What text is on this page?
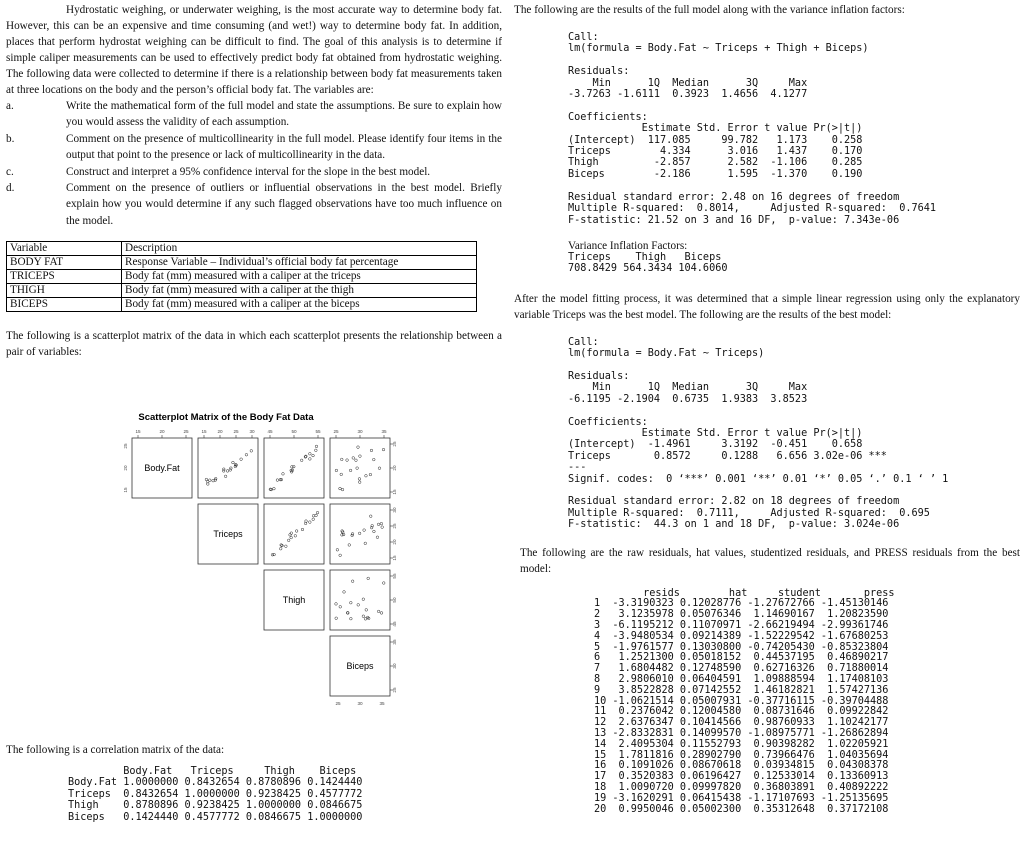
Hydrostatic weighing, or underwater weighing, is the most accurate way to determine body fat. However, this can be an expensive and time consuming (and wet!) way to determine body fat. In addition, places that perform hydrostat weighing can be difficult to find. The goal of this analysis is to determine if simple caliper measurements can be used to effectively predict body fat obtained from hydrostatic weighing. The following data were collected to determine if there is a relationship between body fat measurements taken at three locations on the body and the person’s official body fat. The variables are:
a.	Write the mathematical form of the full model and state the assumptions. Be sure to explain how you would assess the validity of each assumption.
b.	Comment on the presence of multicollinearity in the full model. Please identify four items in the output that point to the presence or lack of multicollinearity in the data.
c.	Construct and interpret a 95% confidence interval for the slope in the best model.
d.	Comment on the presence of outliers or influential observations in the best model. Briefly explain how you would determine if any such flagged observations have too much influence on the model.
Variable	Description
BODY FAT	Response Variable – Individual’s official body fat percentage
TRICEPS	Body fat (mm) measured with a caliper at the triceps
THIGH	Body fat (mm) measured with a caliper at the thigh
BICEPS	Body fat (mm) measured with a caliper at the biceps
The following is a scatterplot matrix of the data in which each scatterplot presents the relationship between a pair of variables:
Scatterplot Matrix of the Body Fat Data
15	20	25	15 20 25 30	45	50	55	25	30	35
25	30	35
15
20
25
15
20
25
15
20
25
30
45
50
55
25
30
35
Body.Fat
Triceps
Thigh
Biceps
The following is a correlation matrix of the data:
Body.Fat   Triceps     Thigh    Biceps
Body.Fat 1.0000000 0.8432654 0.8780896 0.1424440
Triceps  0.8432654 1.0000000 0.9238425 0.4577772
Thigh    0.8780896 0.9238425 1.0000000 0.0846675
Biceps   0.1424440 0.4577772 0.0846675 1.0000000
The following are the results of the full model along with the variance inflation factors:
Call:
lm(formula = Body.Fat ~ Triceps + Thigh + Biceps)

Residuals:
Min      1Q  Median      3Q     Max
-3.7263 -1.6111  0.3923  1.4656  4.1277

Coefficients:
Estimate Std. Error t value Pr(>|t|)
(Intercept)  117.085     99.782   1.173    0.258
Triceps        4.334      3.016   1.437    0.170
Thigh         -2.857      2.582  -1.106    0.285
Biceps        -2.186      1.595  -1.370    0.190

Residual standard error: 2.48 on 16 degrees of freedom
Multiple R-squared:  0.8014,     Adjusted R-squared:  0.7641
F-statistic: 21.52 on 3 and 16 DF,  p-value: 7.343e-06
Variance Inflation Factors:
Triceps    Thigh   Biceps
708.8429 564.3434 104.6060
After the model fitting process, it was determined that a simple linear regression using only the explanatory variable Triceps was the best model. The following are the results of the best model:
Call:
lm(formula = Body.Fat ~ Triceps)

Residuals:
Min      1Q  Median      3Q     Max
-6.1195 -2.1904  0.6735  1.9383  3.8523

Coefficients:
Estimate Std. Error t value Pr(>|t|)
(Intercept)  -1.4961     3.3192  -0.451    0.658
Triceps       0.8572     0.1288   6.656 3.02e-06 ***
---
Signif. codes:  0 ‘***’ 0.001 ‘**’ 0.01 ‘*’ 0.05 ‘.’ 0.1 ‘ ’ 1

Residual standard error: 2.82 on 18 degrees of freedom
Multiple R-squared:  0.7111,     Adjusted R-squared:  0.695
F-statistic:  44.3 on 1 and 18 DF,  p-value: 3.024e-06
The following are the raw residuals, hat values, studentized residuals, and PRESS residuals from the best model:
resids        hat     student       press
1  -3.3190323 0.12028776 -1.27672766 -1.45130146
2   3.1235978 0.05076346  1.14690167  1.20823590
3  -6.1195212 0.11070971 -2.66219494 -2.99361746
4  -3.9480534 0.09214389 -1.52229542 -1.67680253
5  -1.9761577 0.13030800 -0.74205430 -0.85323804
6   1.2521300 0.05018152  0.44537195  0.46890217
7   1.6804482 0.12748590  0.62716326  0.71880014
8   2.9806010 0.06404591  1.09888594  1.17408103
9   3.8522828 0.07142552  1.46182821  1.57427136
10 -1.0621514 0.05007931 -0.37716115 -0.39704488
11  0.2376042 0.12004580  0.08731646  0.09922842
12  2.6376347 0.10414566  0.98760933  1.10242177
13 -2.8332831 0.14099570 -1.08975771 -1.26862894
14  2.4095304 0.11552793  0.90398282  1.02205921
15  1.7811816 0.28902790  0.73966476  1.04035694
16  0.1091026 0.08670618  0.03934815  0.04308378
17  0.3520383 0.06196427  0.12533014  0.13360913
18  1.0090720 0.09997820  0.36803891  0.40892222
19 -3.1620291 0.06415438 -1.17107693 -1.25135695
20  0.9950046 0.05002300  0.35312648  0.37172108
